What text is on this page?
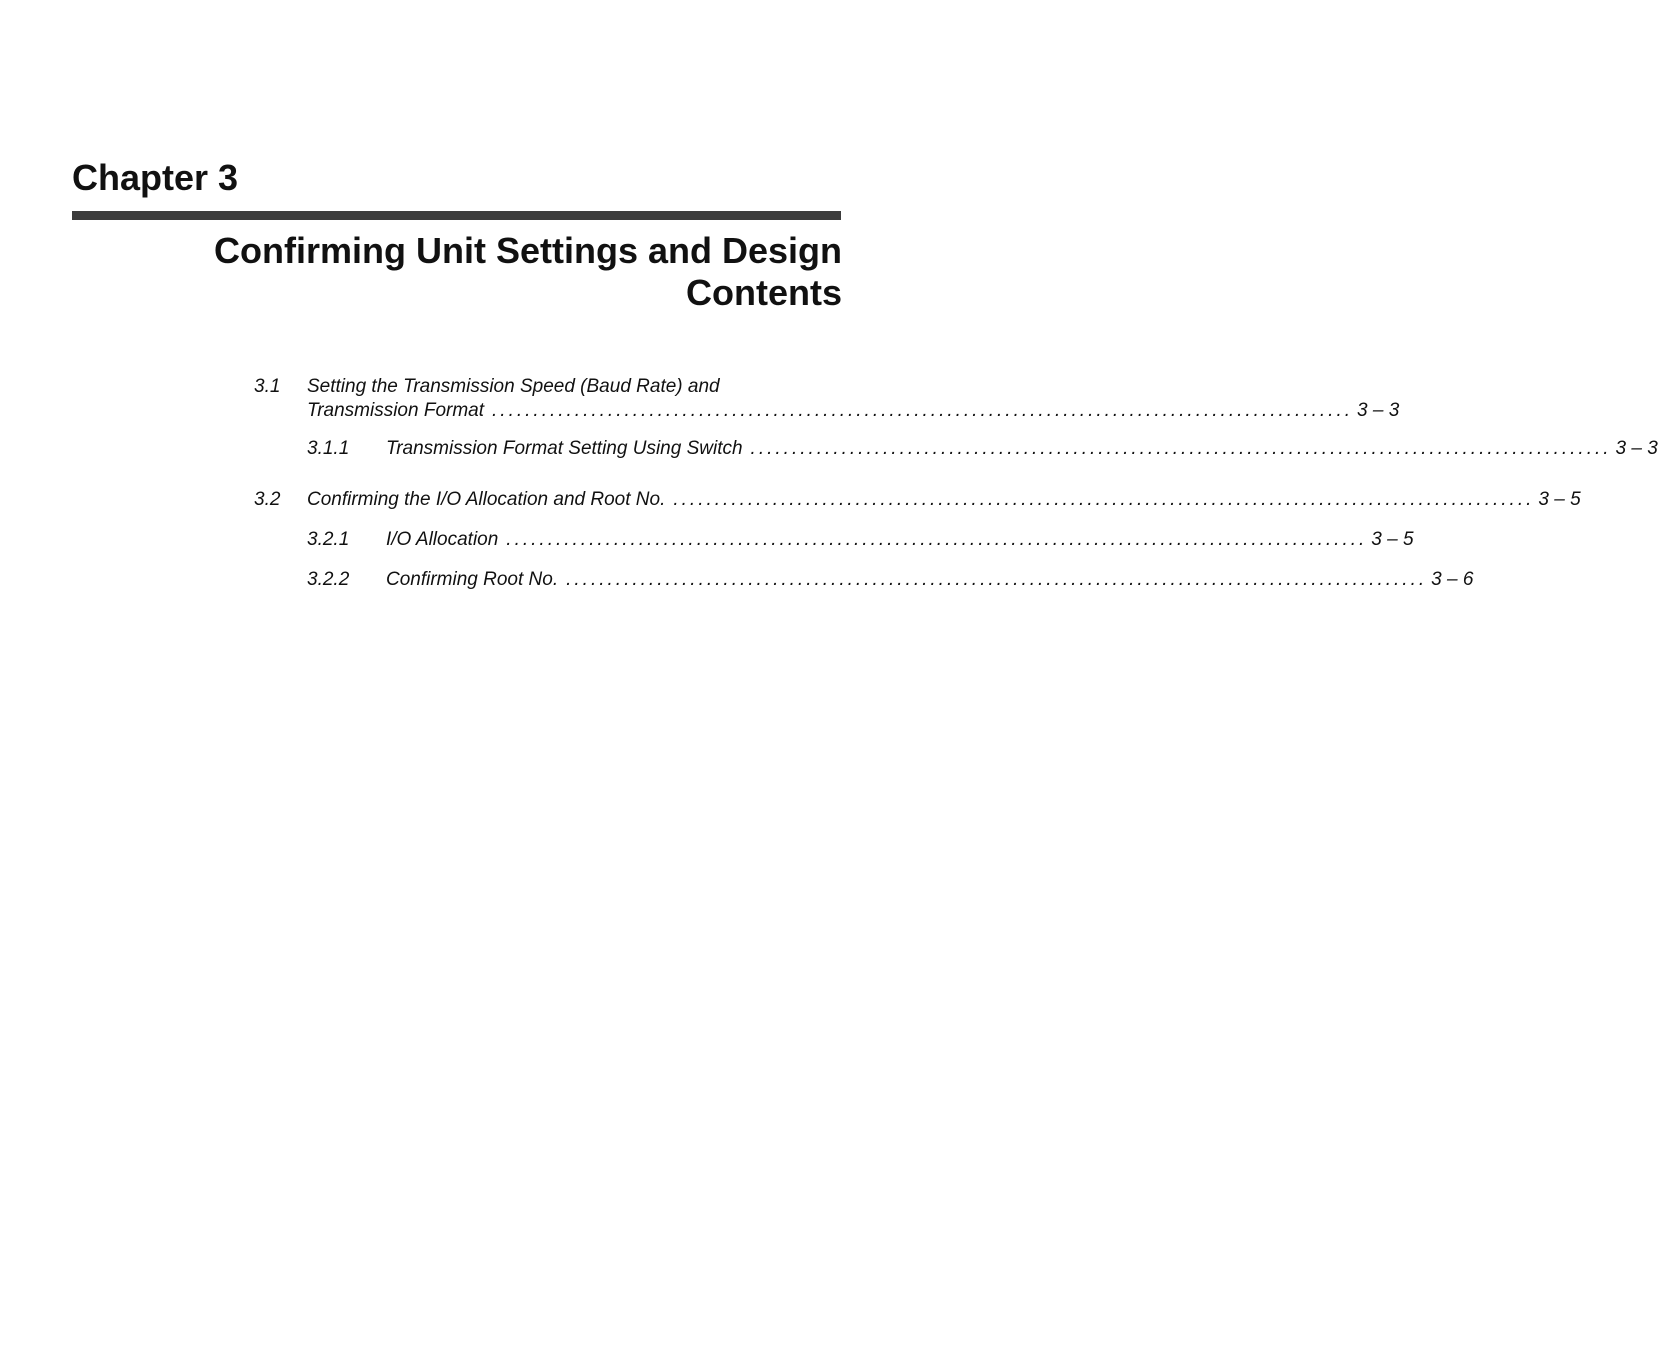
Chapter 3
Confirming Unit Settings and Design
Contents
3.1 Setting the Transmission Speed (Baud Rate) and
Transmission Format ........................................................................................................ 3 – 3
3.1.1 Transmission Format Setting Using Switch ........................................................................................................ 3 – 3
3.2 Confirming the I/O Allocation and Root No. ........................................................................................................ 3 – 5
3.2.1 I/O Allocation ........................................................................................................ 3 – 5
3.2.2 Confirming Root No. ........................................................................................................ 3 – 6
